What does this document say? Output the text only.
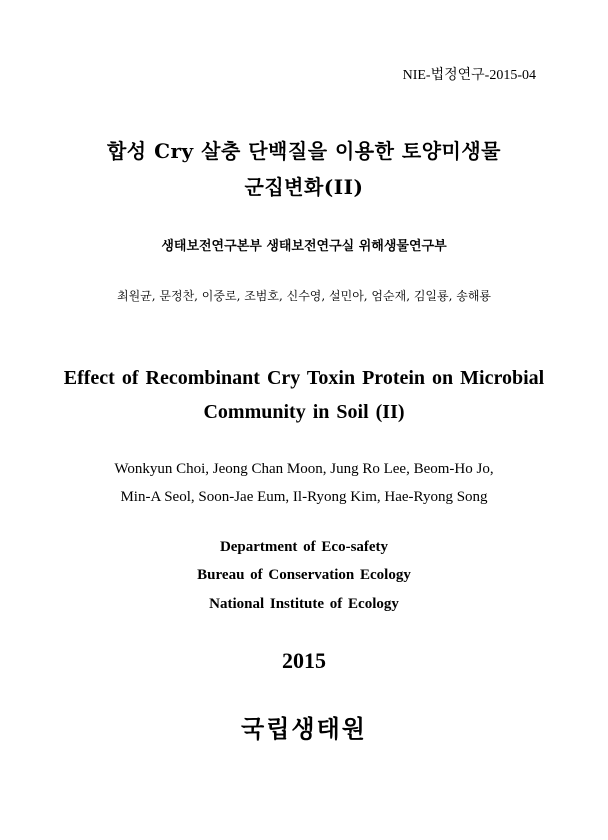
NIE-법정연구-2015-04
합성 Cry 살충 단백질을 이용한 토양미생물
군집변화(II)
생태보전연구본부 생태보전연구실 위해생물연구부
최원균, 문정찬, 이중로, 조범호, 신수영, 설민아, 엄순재, 김일룡, 송해룡
Effect of Recombinant Cry Toxin Protein on Microbial
Community in Soil (II)
Wonkyun Choi, Jeong Chan Moon, Jung Ro Lee, Beom-Ho Jo,
Min-A Seol, Soon-Jae Eum, Il-Ryong Kim, Hae-Ryong Song
Department of Eco-safety
Bureau of Conservation Ecology
National Institute of Ecology
2015
국립생태원
